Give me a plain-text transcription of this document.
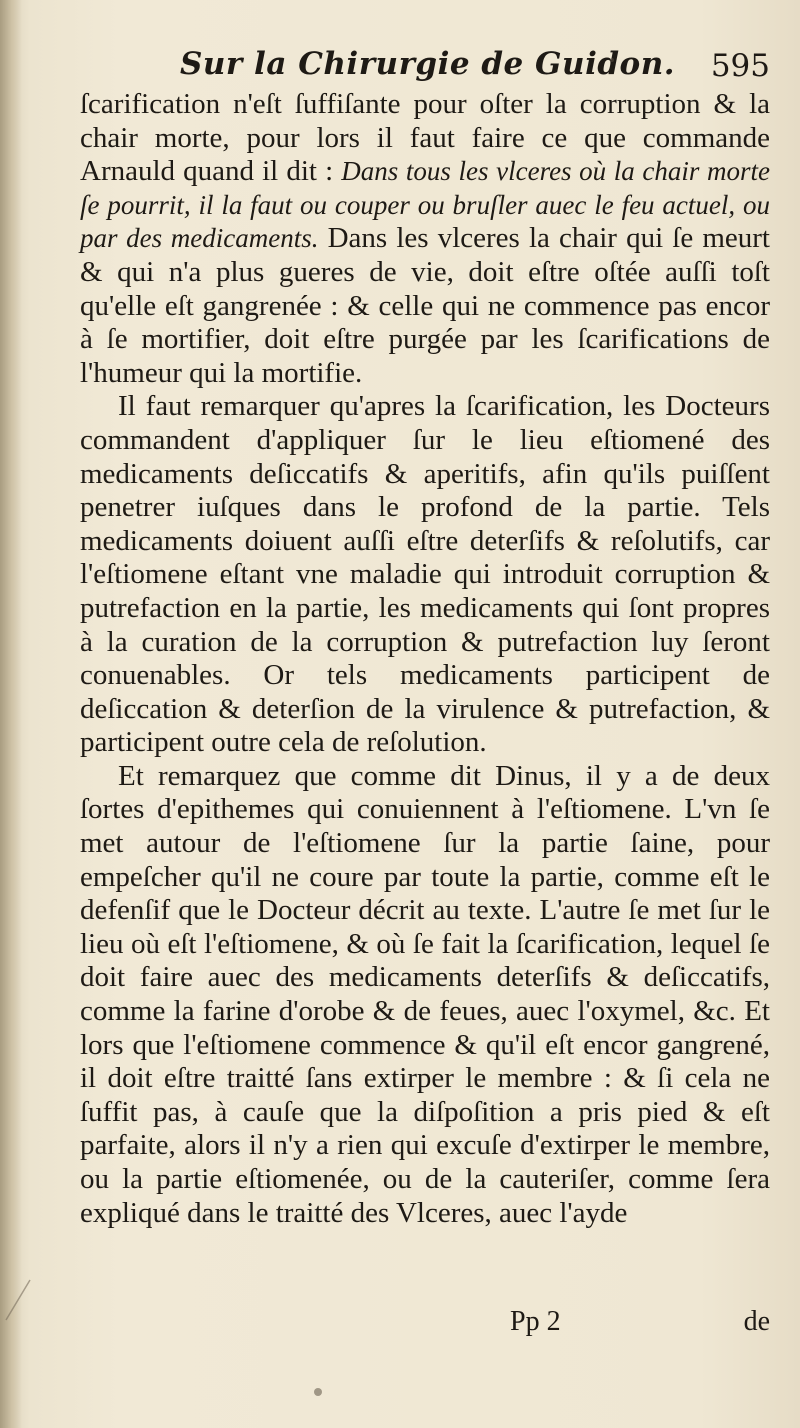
Sur la Chirurgie de Guidon. 595

ſcarification n'eſt ſuffiſante pour oſter la corruption & la chair morte, pour lors il faut faire ce que commande Arnauld quand il dit : Dans tous les vlceres où la chair morte ſe pourrit, il la faut ou couper ou bruſler auec le feu actuel, ou par des medicaments. Dans les vlceres la chair qui ſe meurt & qui n'a plus gueres de vie, doit eſtre oſtée auſſi toſt qu'elle eſt gangrenée : & celle qui ne commence pas encor à ſe mortifier, doit eſtre purgée par les ſcarifications de l'humeur qui la mortifie.

Il faut remarquer qu'apres la ſcarification, les Docteurs commandent d'appliquer ſur le lieu eſtiomené des medicaments deſiccatifs & aperitifs, afin qu'ils puiſſent penetrer iuſques dans le profond de la partie. Tels medicaments doiuent auſſi eſtre deterſifs & reſolutifs, car l'eſtiomene eſtant vne maladie qui introduit corruption & putrefaction en la partie, les medicaments qui ſont propres à la curation de la corruption & putrefaction luy ſeront conuenables. Or tels medicaments participent de deſiccation & deterſion de la virulence & putrefaction, & participent outre cela de reſolution.

Et remarquez que comme dit Dinus, il y a de deux ſortes d'epithemes qui conuiennent à l'eſtiomene. L'vn ſe met autour de l'eſtiomene ſur la partie ſaine, pour empeſcher qu'il ne coure par toute la partie, comme eſt le defenſif que le Docteur décrit au texte. L'autre ſe met ſur le lieu où eſt l'eſtiomene, & où ſe fait la ſcarification, lequel ſe doit faire auec des medicaments deterſifs & deſiccatifs, comme la farine d'orobe & de feues, auec l'oxymel, &c. Et lors que l'eſtiomene commence & qu'il eſt encor gangrené, il doit eſtre traitté ſans extirper le membre : & ſi cela ne ſuffit pas, à cauſe que la diſpoſition a pris pied & eſt parfaite, alors il n'y a rien qui excuſe d'extirper le membre, ou la partie eſtiomenée, ou de la cauteriſer, comme ſera expliqué dans le traitté des Vlceres, auec l'ayde

Pp 2	de
